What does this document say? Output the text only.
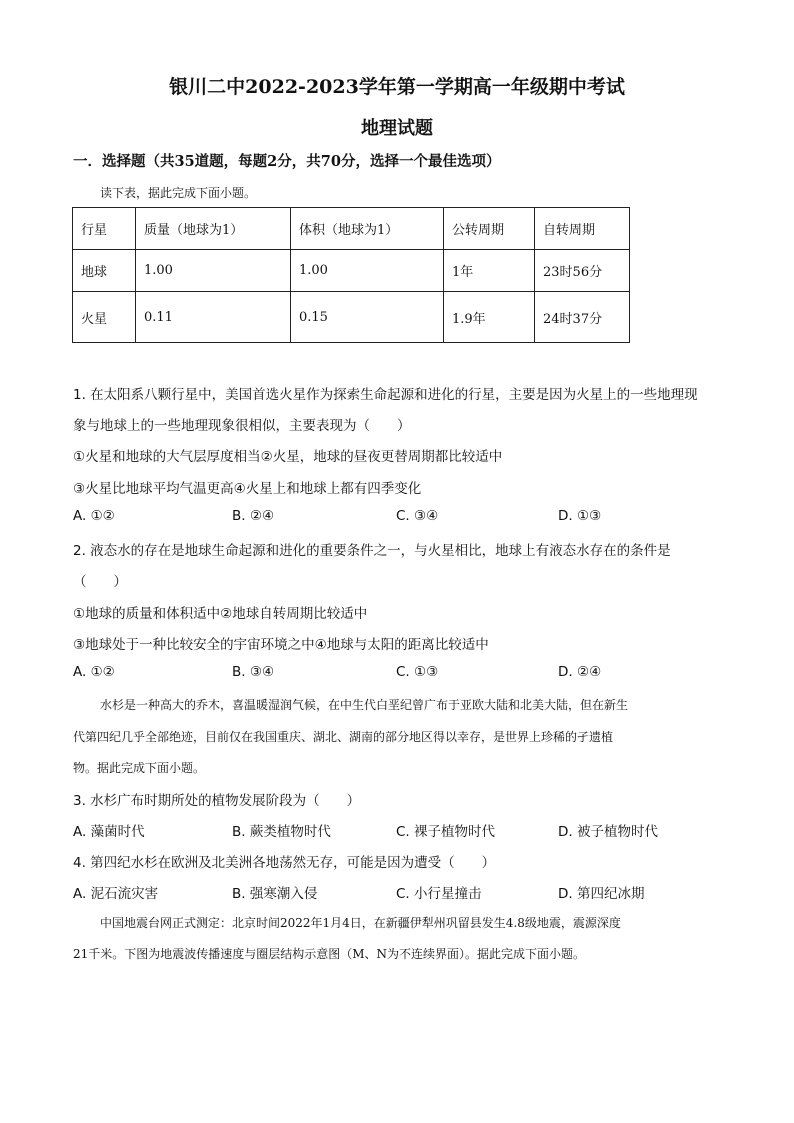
银川二中2022-2023学年第一学期高一年级期中考试
地理试题
一．选择题（共35道题，每题2分，共70分，选择一个最佳选项）
读下表，据此完成下面小题。
行星	质量（地球为1）	体积（地球为1）	公转周期	自转周期
地球	1.00	1.00	1年	23时56分
火星	0.11	0.15	1.9年	24时37分
1. 在太阳系八颗行星中，美国首选火星作为探索生命起源和进化的行星，主要是因为火星上的一些地理现
象与地球上的一些地理现象很相似，主要表现为（　　）
①火星和地球的大气层厚度相当②火星，地球的昼夜更替周期都比较适中
③火星比地球平均气温更高④火星上和地球上都有四季变化
A. ①②	B. ②④	C. ③④	D. ①③
2. 液态水的存在是地球生命起源和进化的重要条件之一，与火星相比，地球上有液态水存在的条件是
（　　）
①地球的质量和体积适中②地球自转周期比较适中
③地球处于一种比较安全的宇宙环境之中④地球与太阳的距离比较适中
A. ①②	B. ③④	C. ①③	D. ②④
水杉是一种高大的乔木，喜温暖湿润气候，在中生代白垩纪曾广布于亚欧大陆和北美大陆，但在新生
代第四纪几乎全部绝迹，目前仅在我国重庆、湖北、湖南的部分地区得以幸存，是世界上珍稀的孑遗植
物。据此完成下面小题。
3. 水杉广布时期所处的植物发展阶段为（　　）
A. 藻菌时代	B. 蕨类植物时代	C. 裸子植物时代	D. 被子植物时代
4. 第四纪水杉在欧洲及北美洲各地荡然无存，可能是因为遭受（　　）
A. 泥石流灾害	B. 强寒潮入侵	C. 小行星撞击	D. 第四纪冰期
中国地震台网正式测定：北京时间2022年1月4日，在新疆伊犁州巩留县发生4.8级地震，震源深度
21千米。下图为地震波传播速度与圈层结构示意图（M、N为不连续界面）。据此完成下面小题。
